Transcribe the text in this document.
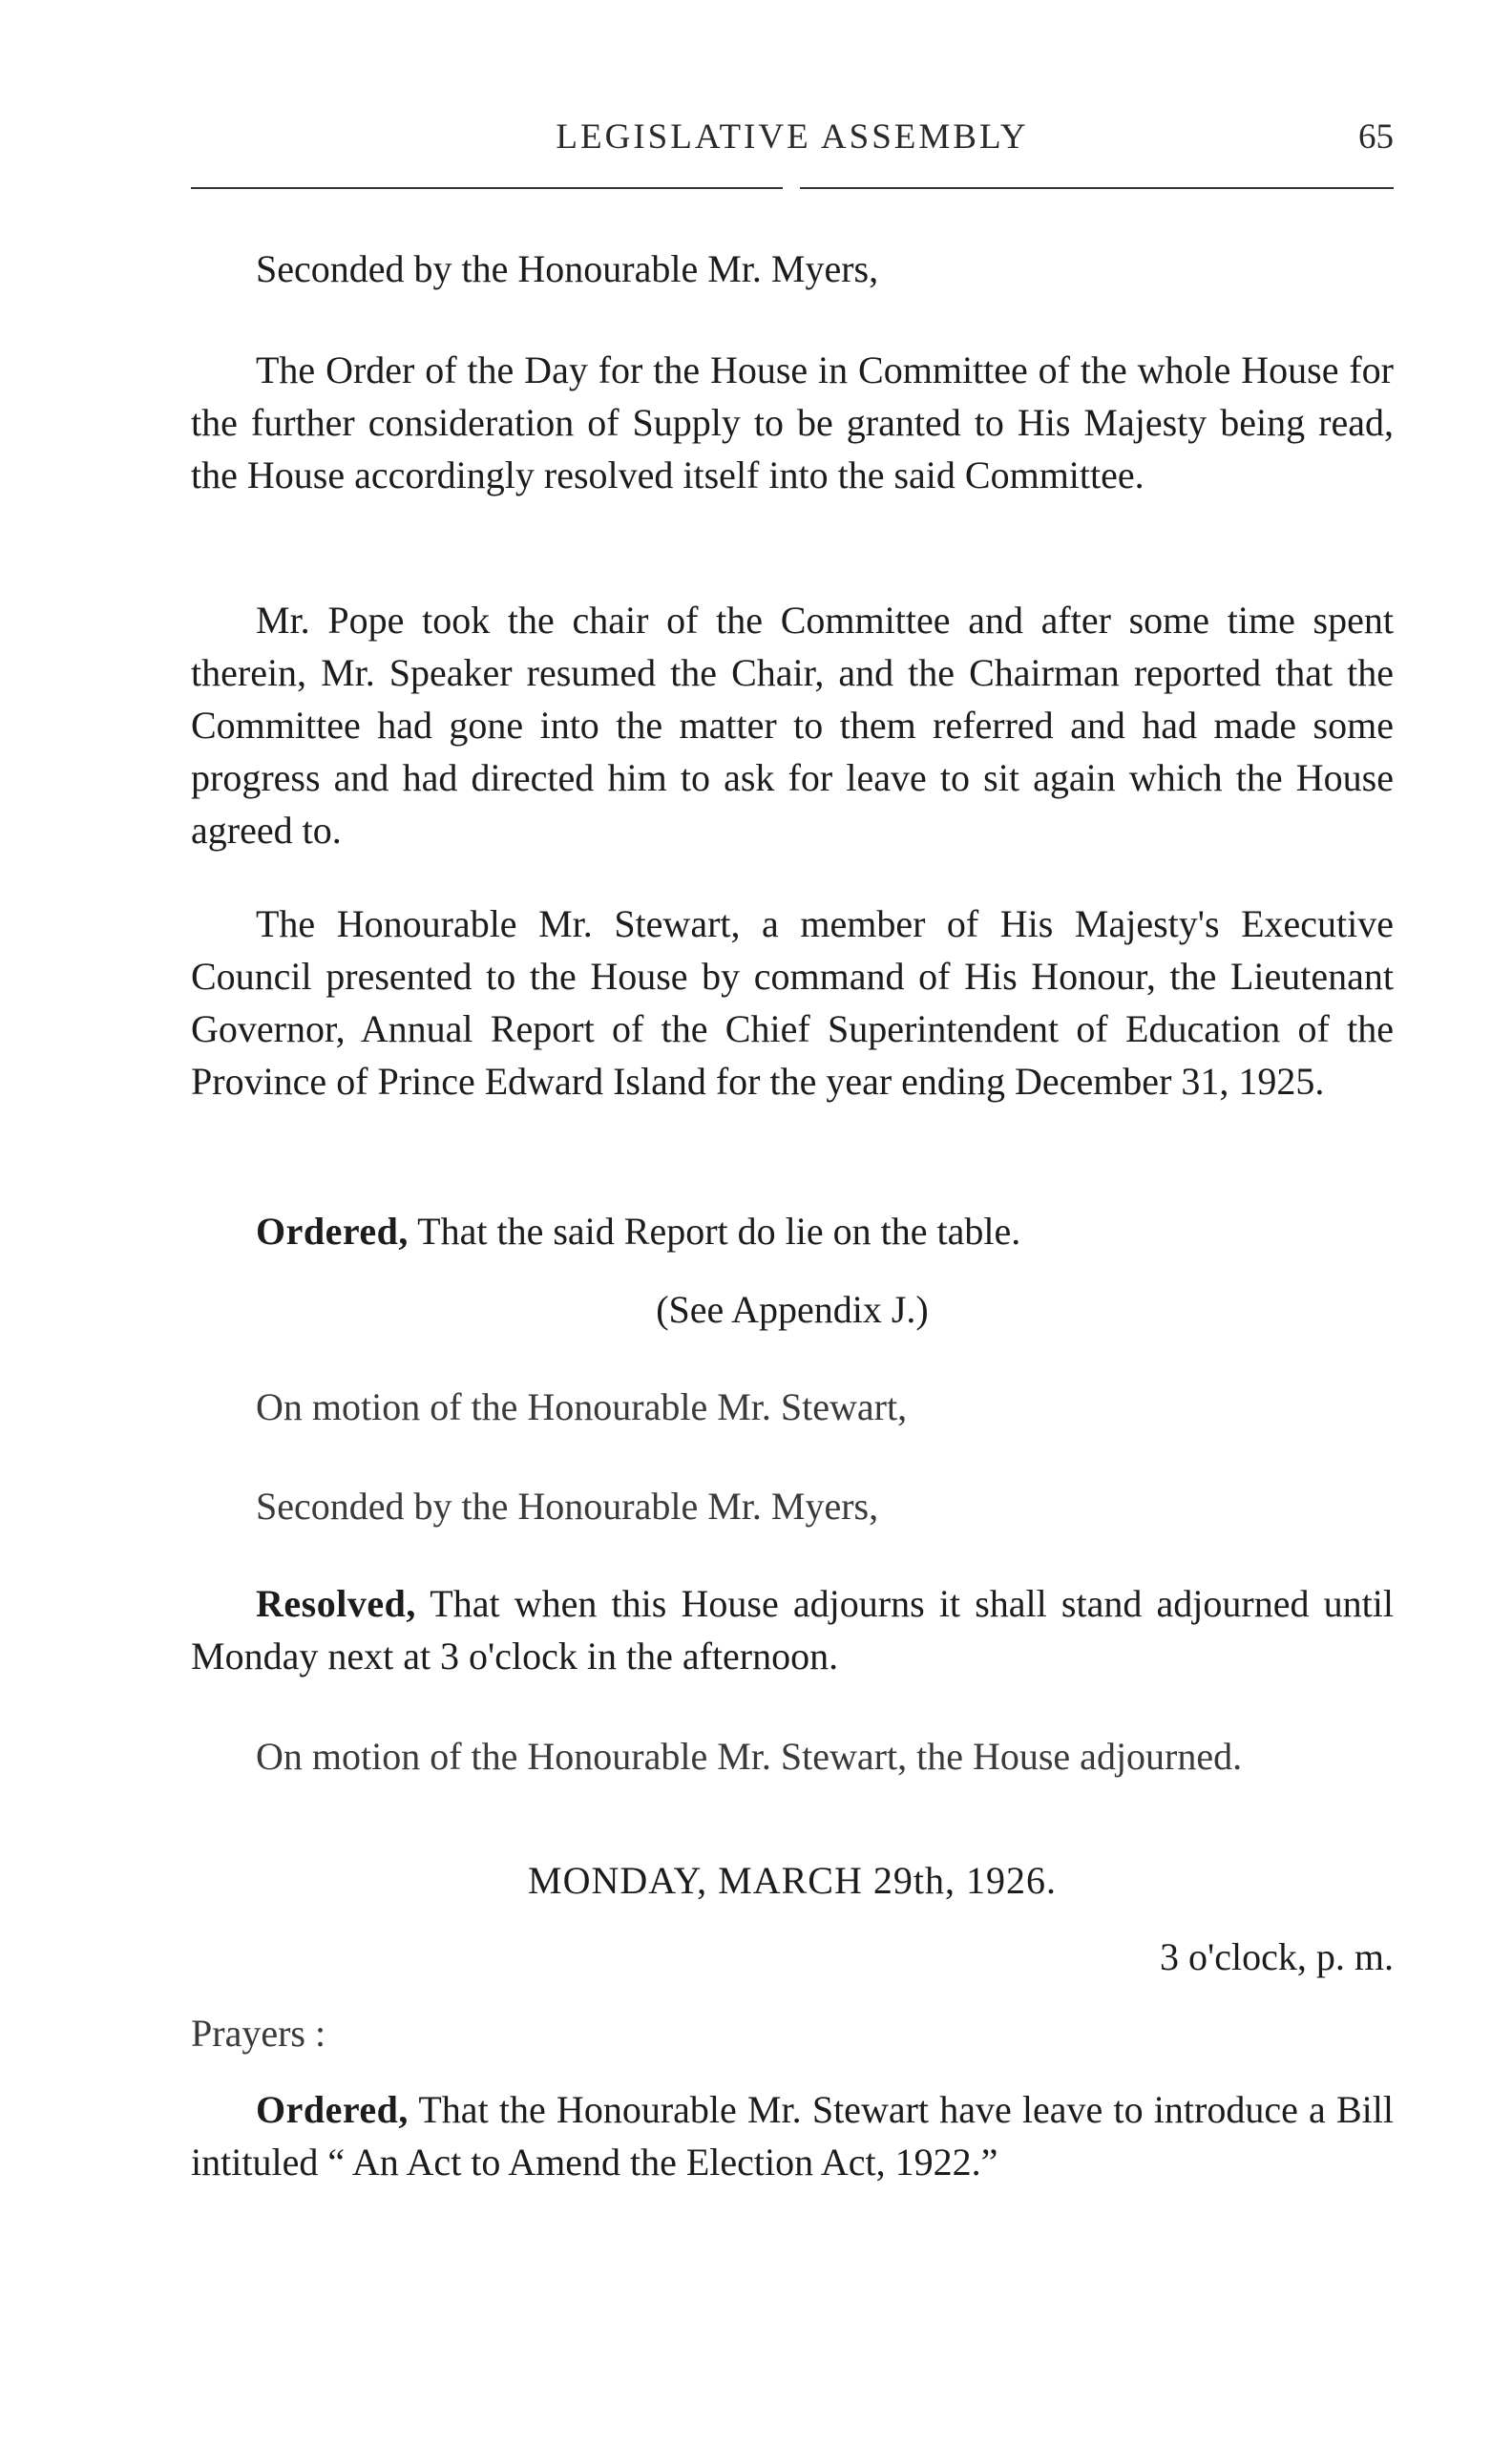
LEGISLATIVE ASSEMBLY	65

Seconded by the Honourable Mr. Myers,

The Order of the Day for the House in Committee of the whole House for the further consideration of Supply to be granted to His Majesty being read, the House accordingly resolved itself into the said Committee.

Mr. Pope took the chair of the Committee and after some time spent therein, Mr. Speaker resumed the Chair, and the Chairman reported that the Committee had gone into the matter to them referred and had made some progress and had directed him to ask for leave to sit again which the House agreed to.

The Honourable Mr. Stewart, a member of His Majesty's Executive Council presented to the House by command of His Honour, the Lieutenant Governor, Annual Report of the Chief Superintendent of Education of the Province of Prince Edward Island for the year ending December 31, 1925.

Ordered, That the said Report do lie on the table.

(See Appendix J.)

On motion of the Honourable Mr. Stewart,

Seconded by the Honourable Mr. Myers,

Resolved, That when this House adjourns it shall stand adjourned until Monday next at 3 o'clock in the afternoon.

On motion of the Honourable Mr. Stewart, the House adjourned.

MONDAY, MARCH 29th, 1926.

3 o'clock, p. m.

Prayers :

Ordered, That the Honourable Mr. Stewart have leave to introduce a Bill intituled “ An Act to Amend the Election Act, 1922.”
